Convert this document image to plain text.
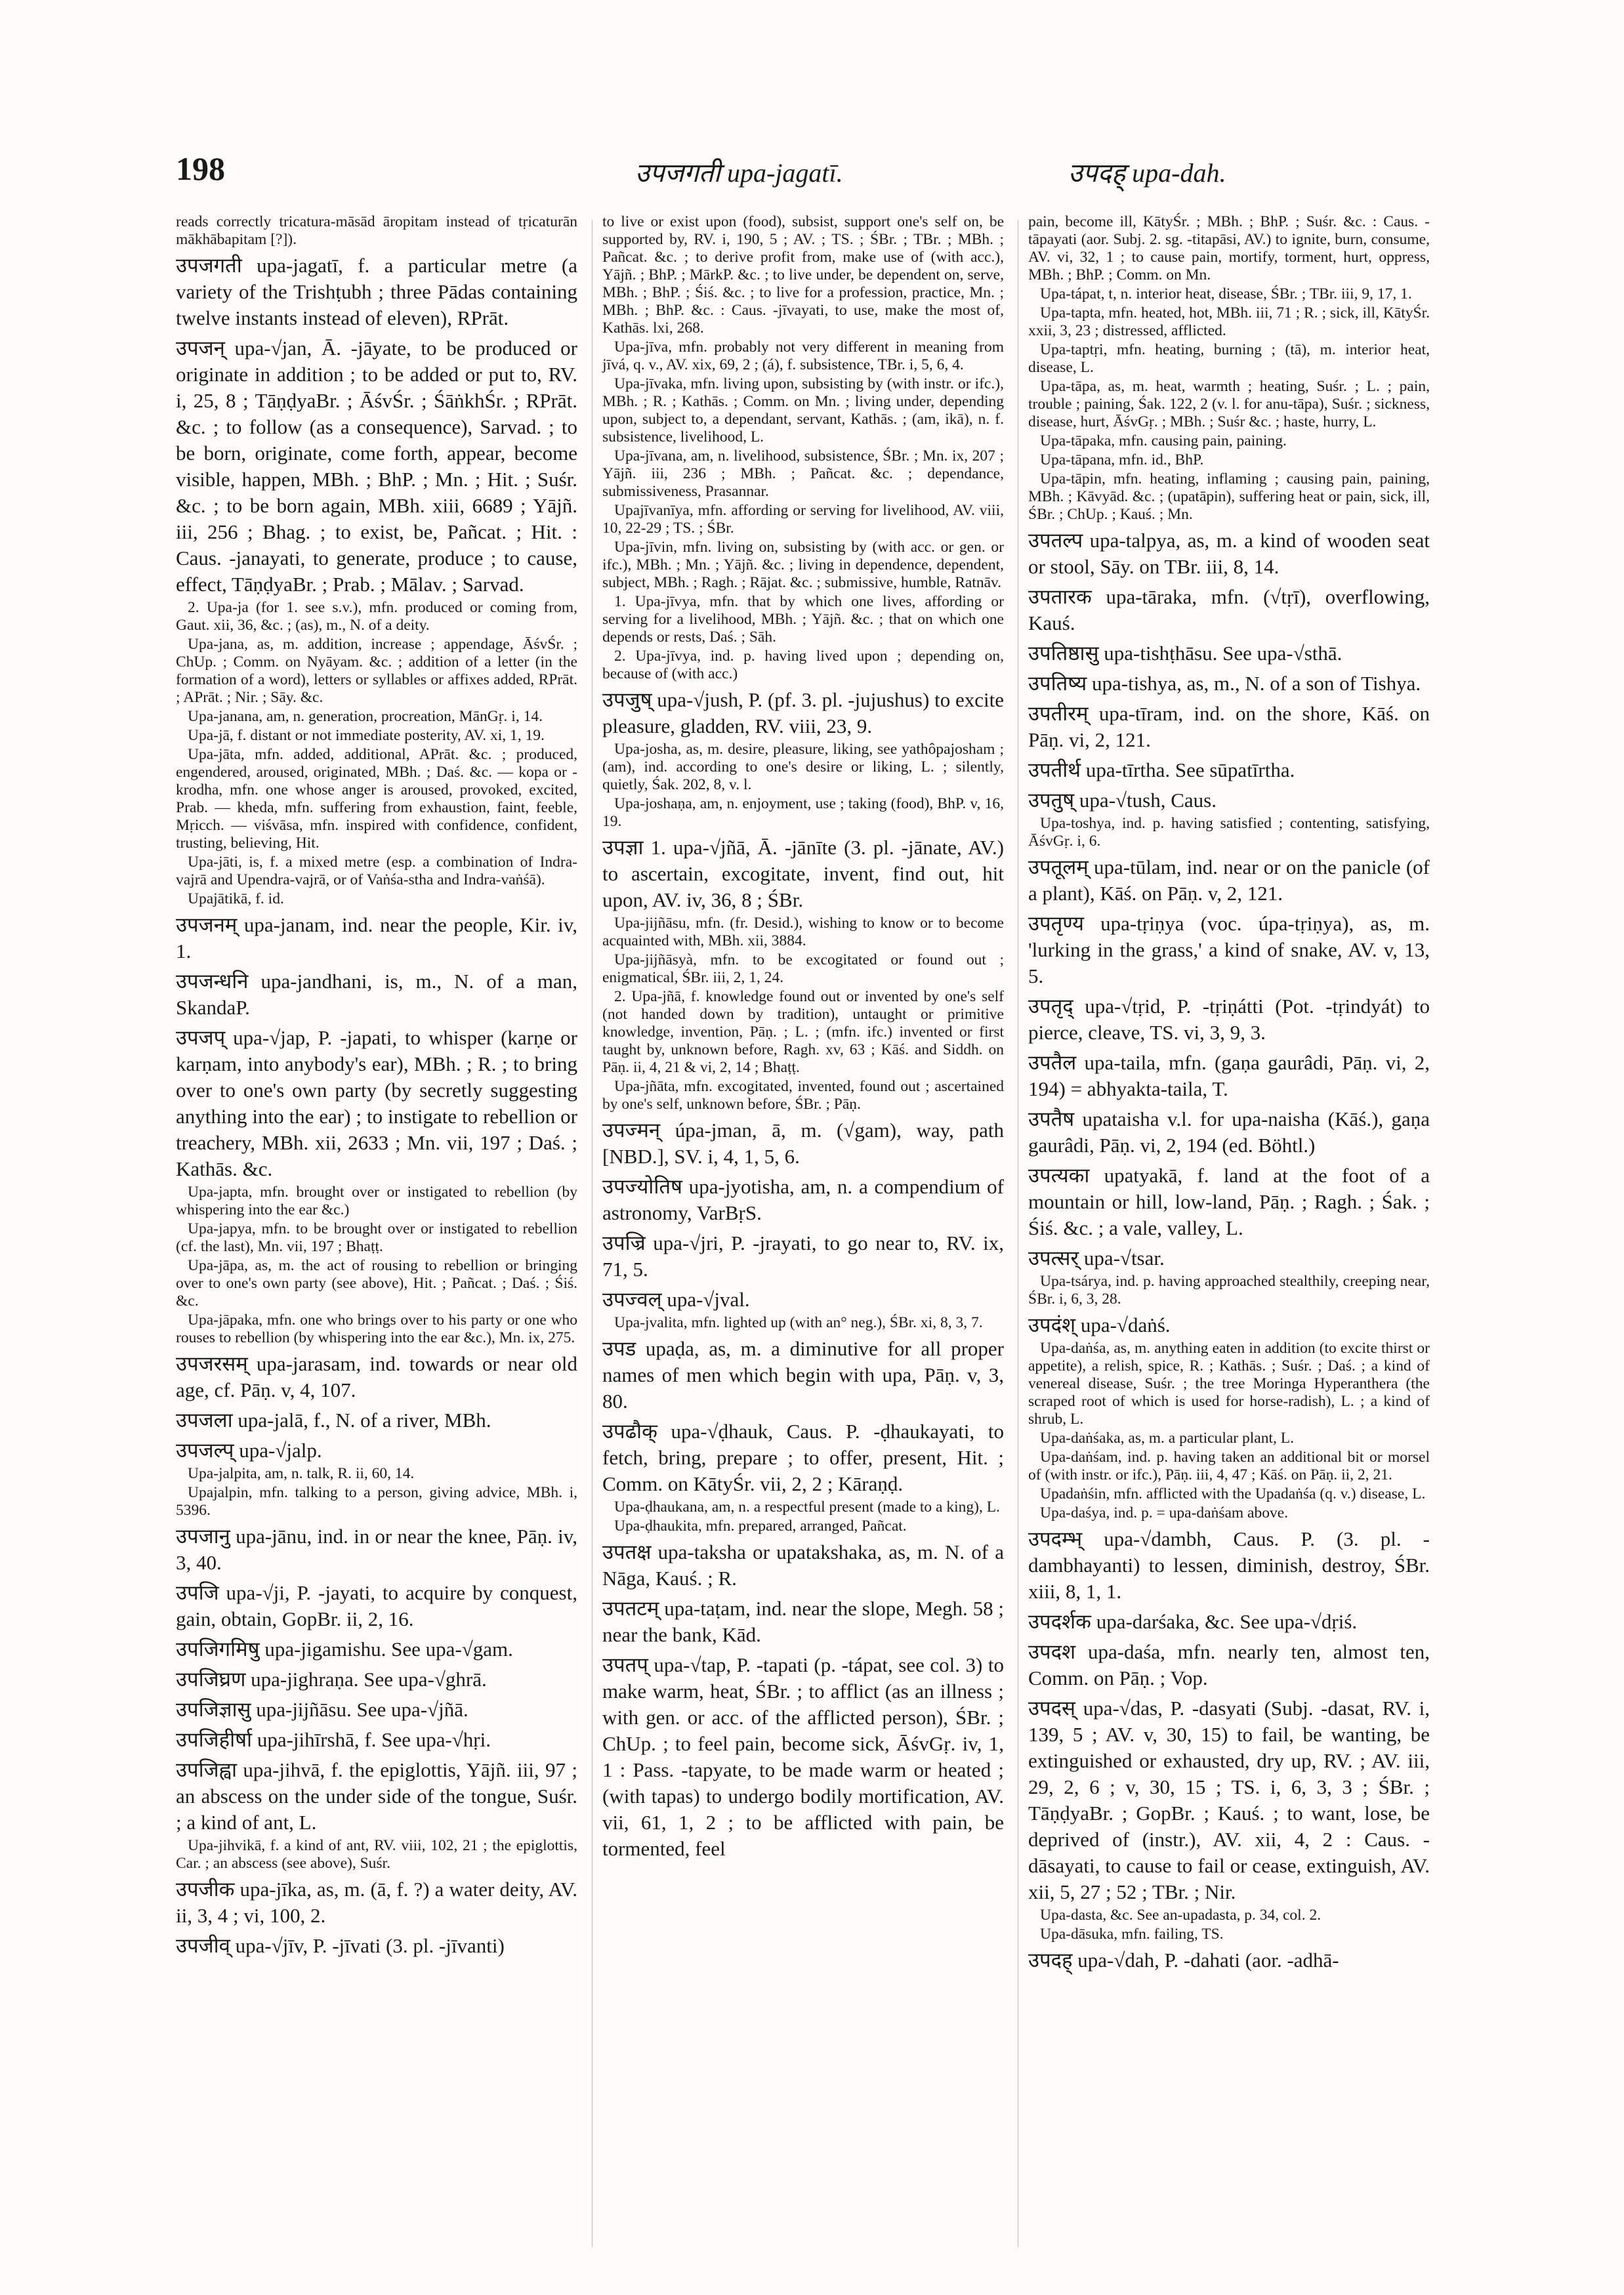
198	उपजगती upa-jagatī.	उपदह् upa-dah.

reads correctly tricatura-māsād āropitam instead of tṛicaturān mākhābapitam [?]).

उपजगती upa-jagatī, f. a particular metre (a variety of the Trishṭubh ; three Pādas containing twelve instants instead of eleven), RPrāt.

उपजन् upa-√jan, Ā. -jāyate, to be produced or originate in addition ; to be added or put to, RV. i, 25, 8 ; TāṇḍyaBr. ; ĀśvŚr. ; ŚāṅkhŚr. ; RPrāt. &c. ; to follow (as a consequence), Sarvad. ; to be born, originate, come forth, appear, become visible, happen, MBh. ; BhP. ; Mn. ; Hit. ; Suśr. &c. ; to be born again, MBh. xiii, 6689 ; Yājñ. iii, 256 ; Bhag. ; to exist, be, Pañcat. ; Hit. : Caus. -janayati, to generate, produce ; to cause, effect, TāṇḍyaBr. ; Prab. ; Mālav. ; Sarvad.

2. Upa-ja (for 1. see s.v.), mfn. produced or coming from, Gaut. xii, 36, &c. ; (as), m., N. of a deity.

Upa-jana, as, m. addition, increase ; appendage, ĀśvŚr. ; ChUp. ; Comm. on Nyāyam. &c. ; addition of a letter (in the formation of a word), letters or syllables or affixes added, RPrāt. ; APrāt. ; Nir. ; Sāy. &c.

Upa-janana, am, n. generation, procreation, MānGṛ. i, 14.

Upa-jā, f. distant or not immediate posterity, AV. xi, 1, 19.

Upa-jāta, mfn. added, additional, APrāt. &c. ; produced, engendered, aroused, originated, MBh. ; Daś. &c. — kopa or -krodha, mfn. one whose anger is aroused, provoked, excited, Prab. — kheda, mfn. suffering from exhaustion, faint, feeble, Mṛicch. — viśvāsa, mfn. inspired with confidence, confident, trusting, believing, Hit.

Upa-jāti, is, f. a mixed metre (esp. a combination of Indra-vajrā and Upendra-vajrā, or of Vaṅśa-stha and Indra-vaṅśā).

Upajātikā, f. id.

उपजनम् upa-janam, ind. near the people, Kir. iv, 1.

उपजन्धनि upa-jandhani, is, m., N. of a man, SkandaP.

उपजप् upa-√jap, P. -japati, to whisper (karṇe or karṇam, into anybody's ear), MBh. ; R. ; to bring over to one's own party (by secretly suggesting anything into the ear) ; to instigate to rebellion or treachery, MBh. xii, 2633 ; Mn. vii, 197 ; Daś. ; Kathās. &c.

Upa-japta, mfn. brought over or instigated to rebellion (by whispering into the ear &c.)

Upa-japya, mfn. to be brought over or instigated to rebellion (cf. the last), Mn. vii, 197 ; Bhaṭṭ.

Upa-jāpa, as, m. the act of rousing to rebellion or bringing over to one's own party (see above), Hit. ; Pañcat. ; Daś. ; Śiś. &c.

Upa-jāpaka, mfn. one who brings over to his party or one who rouses to rebellion (by whispering into the ear &c.), Mn. ix, 275.

उपजरसम् upa-jarasam, ind. towards or near old age, cf. Pāṇ. v, 4, 107.

उपजला upa-jalā, f., N. of a river, MBh.

उपजल्प् upa-√jalp.

Upa-jalpita, am, n. talk, R. ii, 60, 14.

Upajalpin, mfn. talking to a person, giving advice, MBh. i, 5396.

उपजानु upa-jānu, ind. in or near the knee, Pāṇ. iv, 3, 40.

उपजि upa-√ji, P. -jayati, to acquire by conquest, gain, obtain, GopBr. ii, 2, 16.

उपजिगमिषु upa-jigamishu. See upa-√gam.

उपजिघ्रण upa-jighraṇa. See upa-√ghrā.

उपजिज्ञासु upa-jijñāsu. See upa-√jñā.

उपजिहीर्षा upa-jihīrshā, f. See upa-√hṛi.

उपजिह्वा upa-jihvā, f. the epiglottis, Yājñ. iii, 97 ; an abscess on the under side of the tongue, Suśr. ; a kind of ant, L.

Upa-jihvikā, f. a kind of ant, RV. viii, 102, 21 ; the epiglottis, Car. ; an abscess (see above), Suśr.

उपजीक upa-jīka, as, m. (ā, f. ?) a water deity, AV. ii, 3, 4 ; vi, 100, 2.

उपजीव् upa-√jīv, P. -jīvati (3. pl. -jīvanti)

to live or exist upon (food), subsist, support one's self on, be supported by, RV. i, 190, 5 ; AV. ; TS. ; ŚBr. ; TBr. ; MBh. ; Pañcat. &c. ; to derive profit from, make use of (with acc.), Yājñ. ; BhP. ; MārkP. &c. ; to live under, be dependent on, serve, MBh. ; BhP. ; Śiś. &c. ; to live for a profession, practice, Mn. ; MBh. ; BhP. &c. : Caus. -jīvayati, to use, make the most of, Kathās. lxi, 268.

Upa-jīva, mfn. probably not very different in meaning from jīvá, q. v., AV. xix, 69, 2 ; (á), f. subsistence, TBr. i, 5, 6, 4.

Upa-jīvaka, mfn. living upon, subsisting by (with instr. or ifc.), MBh. ; R. ; Kathās. ; Comm. on Mn. ; living under, depending upon, subject to, a dependant, servant, Kathās. ; (am, ikā), n. f. subsistence, livelihood, L.

Upa-jīvana, am, n. livelihood, subsistence, ŚBr. ; Mn. ix, 207 ; Yājñ. iii, 236 ; MBh. ; Pañcat. &c. ; dependance, submissiveness, Prasannar.

Upajīvanīya, mfn. affording or serving for livelihood, AV. viii, 10, 22-29 ; TS. ; ŚBr.

Upa-jīvin, mfn. living on, subsisting by (with acc. or gen. or ifc.), MBh. ; Mn. ; Yājñ. &c. ; living in dependence, dependent, subject, MBh. ; Ragh. ; Rājat. &c. ; submissive, humble, Ratnāv.

1. Upa-jīvya, mfn. that by which one lives, affording or serving for a livelihood, MBh. ; Yājñ. &c. ; that on which one depends or rests, Daś. ; Sāh.

2. Upa-jīvya, ind. p. having lived upon ; depending on, because of (with acc.)

उपजुष् upa-√jush, P. (pf. 3. pl. -jujushus) to excite pleasure, gladden, RV. viii, 23, 9.

Upa-josha, as, m. desire, pleasure, liking, see yathôpajosham ; (am), ind. according to one's desire or liking, L. ; silently, quietly, Śak. 202, 8, v. l.

Upa-joshaṇa, am, n. enjoyment, use ; taking (food), BhP. v, 16, 19.

उपज्ञा 1. upa-√jñā, Ā. -jānīte (3. pl. -jānate, AV.) to ascertain, excogitate, invent, find out, hit upon, AV. iv, 36, 8 ; ŚBr.

Upa-jijñāsu, mfn. (fr. Desid.), wishing to know or to become acquainted with, MBh. xii, 3884.

Upa-jijñāsyà, mfn. to be excogitated or found out ; enigmatical, ŚBr. iii, 2, 1, 24.

2. Upa-jñā, f. knowledge found out or invented by one's self (not handed down by tradition), untaught or primitive knowledge, invention, Pāṇ. ; L. ; (mfn. ifc.) invented or first taught by, unknown before, Ragh. xv, 63 ; Kāś. and Siddh. on Pāṇ. ii, 4, 21 & vi, 2, 14 ; Bhaṭṭ.

Upa-jñāta, mfn. excogitated, invented, found out ; ascertained by one's self, unknown before, ŚBr. ; Pāṇ.

उपज्मन् úpa-jman, ā, m. (√gam), way, path [NBD.], SV. i, 4, 1, 5, 6.

उपज्योतिष upa-jyotisha, am, n. a compendium of astronomy, VarBṛS.

उपज्रि upa-√jri, P. -jrayati, to go near to, RV. ix, 71, 5.

उपज्वल् upa-√jval.

Upa-jvalita, mfn. lighted up (with an° neg.), ŚBr. xi, 8, 3, 7.

उपड upaḍa, as, m. a diminutive for all proper names of men which begin with upa, Pāṇ. v, 3, 80.

उपढौक् upa-√ḍhauk, Caus. P. -ḍhaukayati, to fetch, bring, prepare ; to offer, present, Hit. ; Comm. on KātyŚr. vii, 2, 2 ; Kāraṇḍ.

Upa-ḍhaukana, am, n. a respectful present (made to a king), L.

Upa-ḍhaukita, mfn. prepared, arranged, Pañcat.

उपतक्ष upa-taksha or upatakshaka, as, m. N. of a Nāga, Kauś. ; R.

उपतटम् upa-taṭam, ind. near the slope, Megh. 58 ; near the bank, Kād.

उपतप् upa-√tap, P. -tapati (p. -tápat, see col. 3) to make warm, heat, ŚBr. ; to afflict (as an illness ; with gen. or acc. of the afflicted person), ŚBr. ; ChUp. ; to feel pain, become sick, ĀśvGṛ. iv, 1, 1 : Pass. -tapyate, to be made warm or heated ; (with tapas) to undergo bodily mortification, AV. vii, 61, 1, 2 ; to be afflicted with pain, be tormented, feel

pain, become ill, KātyŚr. ; MBh. ; BhP. ; Suśr. &c. : Caus. -tāpayati (aor. Subj. 2. sg. -titapāsi, AV.) to ignite, burn, consume, AV. vi, 32, 1 ; to cause pain, mortify, torment, hurt, oppress, MBh. ; BhP. ; Comm. on Mn.

Upa-tápat, t, n. interior heat, disease, ŚBr. ; TBr. iii, 9, 17, 1.

Upa-tapta, mfn. heated, hot, MBh. iii, 71 ; R. ; sick, ill, KātyŚr. xxii, 3, 23 ; distressed, afflicted.

Upa-taptṛi, mfn. heating, burning ; (tā), m. interior heat, disease, L.

Upa-tāpa, as, m. heat, warmth ; heating, Suśr. ; L. ; pain, trouble ; paining, Śak. 122, 2 (v. l. for anu-tāpa), Suśr. ; sickness, disease, hurt, ĀśvGṛ. ; MBh. ; Suśr &c. ; haste, hurry, L.

Upa-tāpaka, mfn. causing pain, paining.

Upa-tāpana, mfn. id., BhP.

Upa-tāpin, mfn. heating, inflaming ; causing pain, paining, MBh. ; Kāvyād. &c. ; (upatāpin), suffering heat or pain, sick, ill, ŚBr. ; ChUp. ; Kauś. ; Mn.

उपतल्प upa-talpya, as, m. a kind of wooden seat or stool, Sāy. on TBr. iii, 8, 14.

उपतारक upa-tāraka, mfn. (√tṛī), overflowing, Kauś.

उपतिष्ठासु upa-tishṭhāsu. See upa-√sthā.

उपतिष्य upa-tishya, as, m., N. of a son of Tishya.

उपतीरम् upa-tīram, ind. on the shore, Kāś. on Pāṇ. vi, 2, 121.

उपतीर्थ upa-tīrtha. See sūpatīrtha.

उपतुष् upa-√tush, Caus.

Upa-toshya, ind. p. having satisfied ; contenting, satisfying, ĀśvGṛ. i, 6.

उपतूलम् upa-tūlam, ind. near or on the panicle (of a plant), Kāś. on Pāṇ. v, 2, 121.

उपतृण्य upa-tṛiṇya (voc. úpa-tṛiṇya), as, m. 'lurking in the grass,' a kind of snake, AV. v, 13, 5.

उपतृद् upa-√tṛid, P. -tṛiṇátti (Pot. -tṛindyát) to pierce, cleave, TS. vi, 3, 9, 3.

उपतैल upa-taila, mfn. (gaṇa gaurâdi, Pāṇ. vi, 2, 194) = abhyakta-taila, T.

उपतैष upataisha v.l. for upa-naisha (Kāś.), gaṇa gaurâdi, Pāṇ. vi, 2, 194 (ed. Böhtl.)

उपत्यका upatyakā, f. land at the foot of a mountain or hill, low-land, Pāṇ. ; Ragh. ; Śak. ; Śiś. &c. ; a vale, valley, L.

उपत्सर् upa-√tsar.

Upa-tsárya, ind. p. having approached stealthily, creeping near, ŚBr. i, 6, 3, 28.

उपदंश् upa-√daṅś.

Upa-daṅśa, as, m. anything eaten in addition (to excite thirst or appetite), a relish, spice, R. ; Kathās. ; Suśr. ; Daś. ; a kind of venereal disease, Suśr. ; the tree Moringa Hyperanthera (the scraped root of which is used for horse-radish), L. ; a kind of shrub, L.

Upa-daṅśaka, as, m. a particular plant, L.

Upa-daṅśam, ind. p. having taken an additional bit or morsel of (with instr. or ifc.), Pāṇ. iii, 4, 47 ; Kāś. on Pāṇ. ii, 2, 21.

Upadaṅśin, mfn. afflicted with the Upadaṅśa (q. v.) disease, L.

Upa-daśya, ind. p. = upa-daṅśam above.

उपदम्भ् upa-√dambh, Caus. P. (3. pl. -dambhayanti) to lessen, diminish, destroy, ŚBr. xiii, 8, 1, 1.

उपदर्शक upa-darśaka, &c. See upa-√dṛiś.

उपदश upa-daśa, mfn. nearly ten, almost ten, Comm. on Pāṇ. ; Vop.

उपदस् upa-√das, P. -dasyati (Subj. -dasat, RV. i, 139, 5 ; AV. v, 30, 15) to fail, be wanting, be extinguished or exhausted, dry up, RV. ; AV. iii, 29, 2, 6 ; v, 30, 15 ; TS. i, 6, 3, 3 ; ŚBr. ; TāṇḍyaBr. ; GopBr. ; Kauś. ; to want, lose, be deprived of (instr.), AV. xii, 4, 2 : Caus. -dāsayati, to cause to fail or cease, extinguish, AV. xii, 5, 27 ; 52 ; TBr. ; Nir.

Upa-dasta, &c. See an-upadasta, p. 34, col. 2.

Upa-dāsuka, mfn. failing, TS.

उपदह् upa-√dah, P. -dahati (aor. -adhā-
